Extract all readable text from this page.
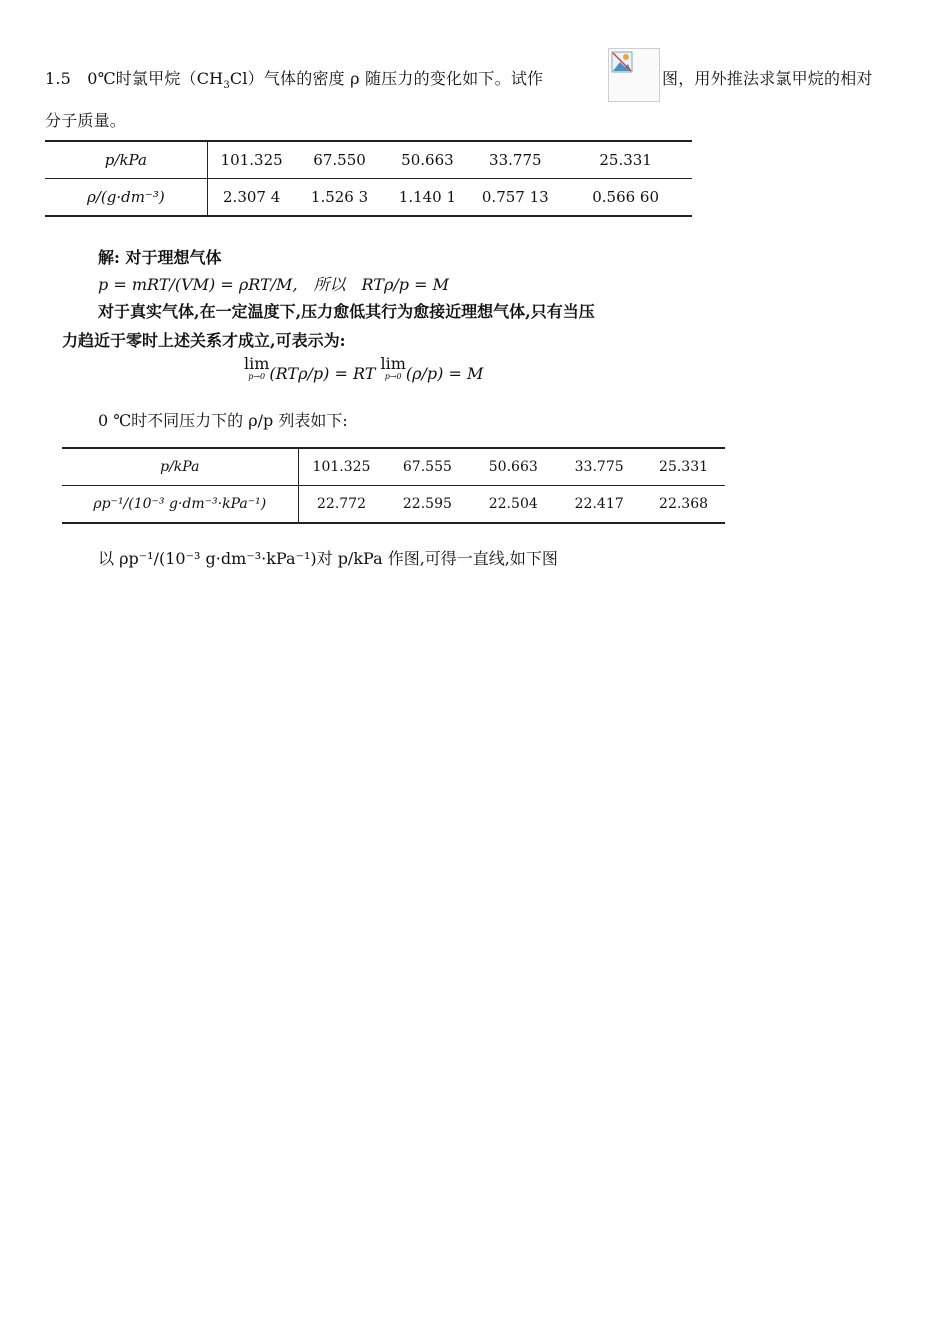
1.5　0℃时氯甲烷$(CH_3Cl)$气体的密度 ρ 随压力的变化如下。试作	图，用外推法求氯甲烷的相对
分子质量。
p/kPa	101.325	67.550	50.663	33.775	25.331
ρ/(g·dm⁻³)	2.307 4	1.526 3	1.140 1	0.757 13	0.566 60
解: 对于理想气体
p = mRT/(VM) = ρRT/M,　所以　RTρ/p = M
对于真实气体,在一定温度下,压力愈低其行为愈接近理想气体,只有当压
力趋近于零时上述关系才成立,可表示为:
lim
p→0 (RTρ/p) = RT lim
p→0 (ρ/p) = M
0 ℃时不同压力下的 ρ/p 列表如下:
p/kPa	101.325	67.555	50.663	33.775	25.331
ρp⁻¹/(10⁻³ g·dm⁻³·kPa⁻¹)	22.772	22.595	22.504	22.417	22.368
以 ρp⁻¹/(10⁻³ g·dm⁻³·kPa⁻¹)对 p/kPa 作图,可得一直线,如下图
